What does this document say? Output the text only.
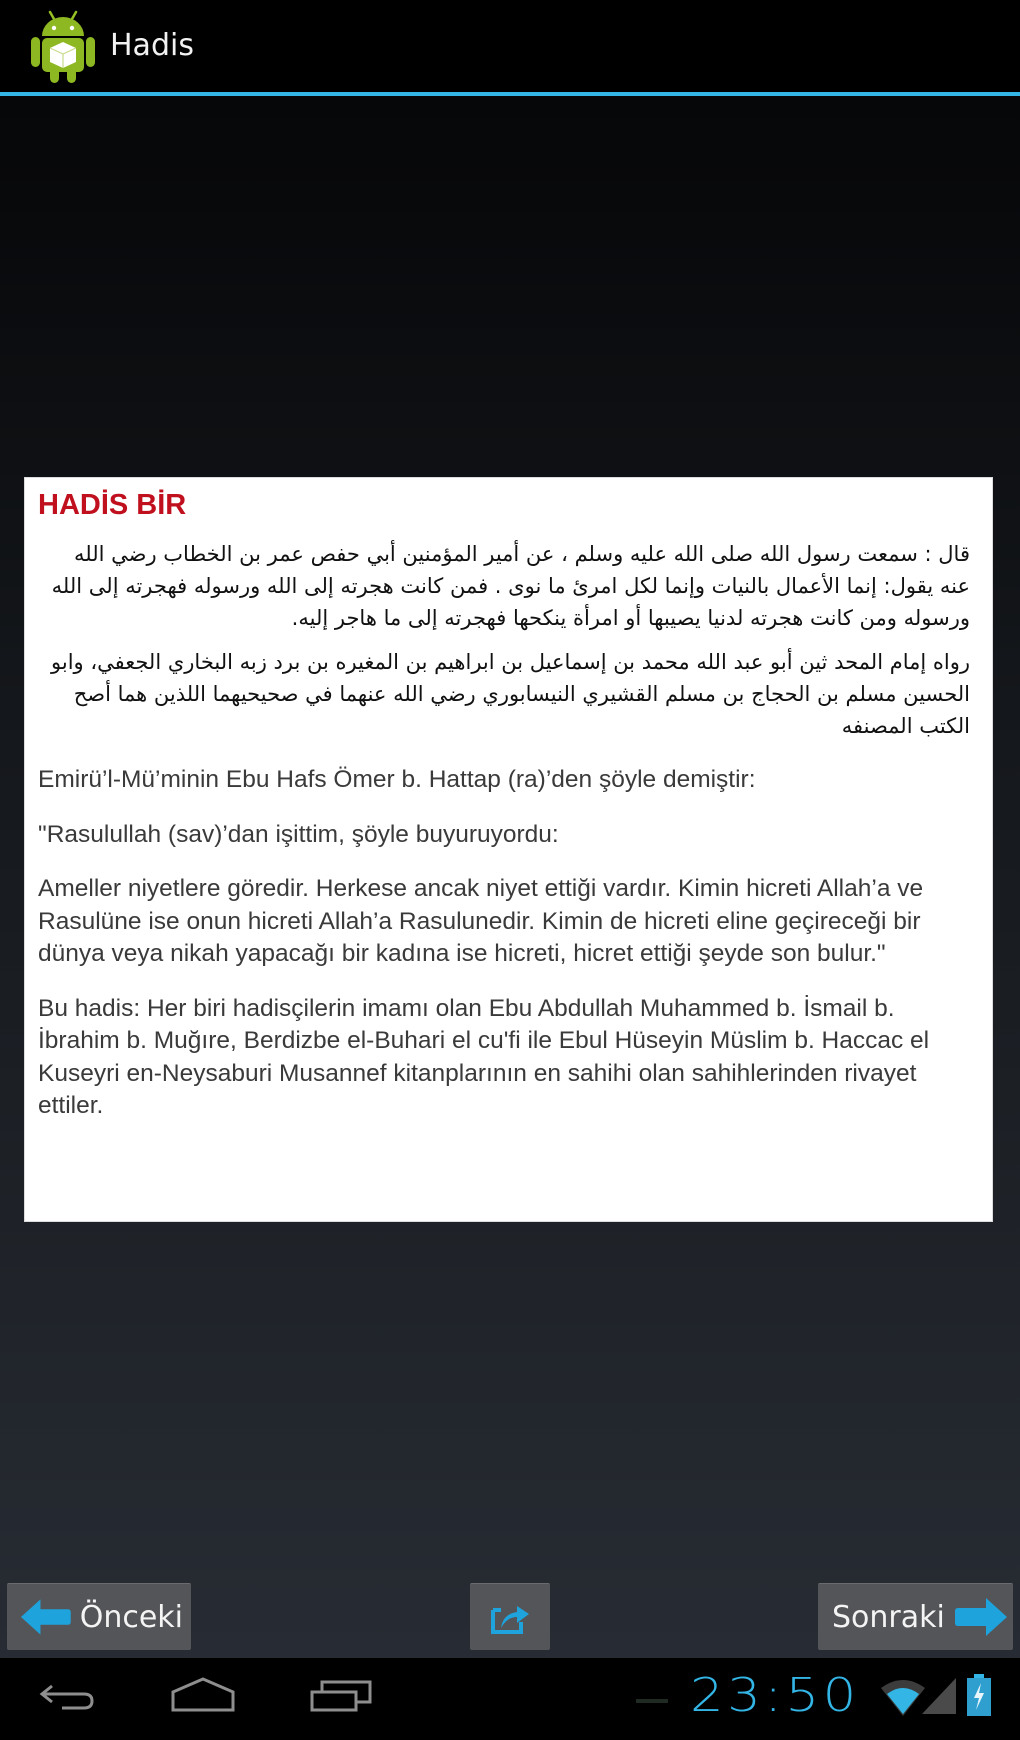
Hadis
HADİS BİR

قال : سمعت رسول الله صلى الله عليه وسلم ، عن أمير المؤمنين أبي حفص عمر بن الخطاب رضي الله عنه يقول: إنما الأعمال بالنيات وإنما لكل امرئ ما نوى . فمن كانت هجرته إلى الله ورسوله فهجرته إلى الله ورسوله ومن كانت هجرته لدنيا يصيبها أو امرأة ينكحها فهجرته إلى ما هاجر إليه.

رواه إمام المحد ثين أبو عبد الله محمد بن إسماعيل بن ابراهيم بن المغيره بن برد زبه البخاري الجعفي، وابو الحسين مسلم بن الحجاج بن مسلم القشيري النيسابوري رضي الله عنهما في صحيحيهما اللذين هما أصح الكتب المصنفه

Emirü’l-Mü’minin Ebu Hafs Ömer b. Hattap (ra)’den şöyle demiştir:

"Rasulullah (sav)’dan işittim, şöyle buyuruyordu:

Ameller niyetlere göredir. Herkese ancak niyet ettiği vardır. Kimin hicreti Allah’a ve Rasulüne ise onun hicreti Allah’a Rasulunedir. Kimin de hicreti eline geçireceği bir dünya veya nikah yapacağı bir kadına ise hicreti, hicret ettiği şeyde son bulur."

Bu hadis: Her biri hadisçilerin imamı olan Ebu Abdullah Muhammed b. İsmail b. İbrahim b. Muğıre, Berdizbe el-Buhari el cu'fi ile Ebul Hüseyin Müslim b. Haccac el Kuseyri en-Neysaburi Musannef kitanplarının en sahihi olan sahihlerinden rivayet ettiler.

Önceki	Sonraki
23:50
